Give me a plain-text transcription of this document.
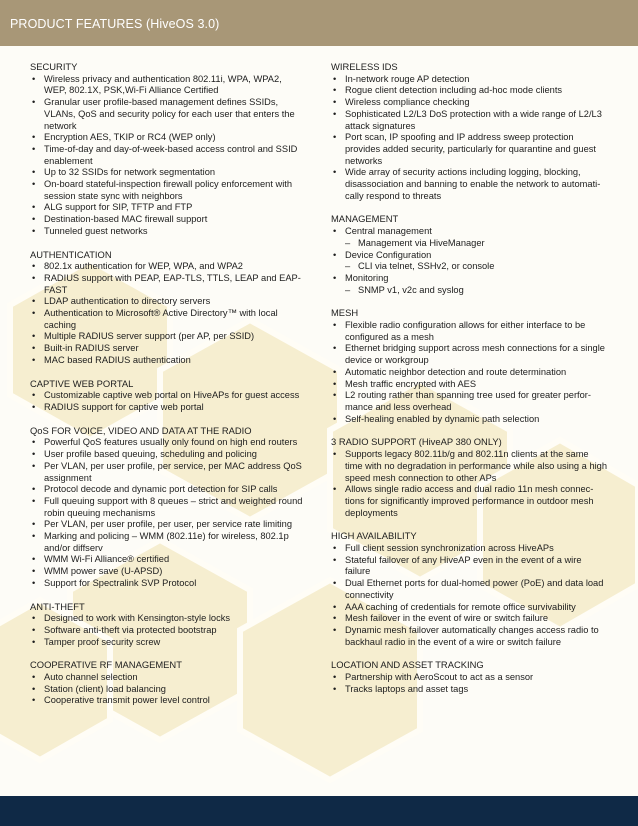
PRODUCT FEATURES (HiveOS 3.0)
SECURITY
• Wireless privacy and authentication 802.11i, WPA, WPA2, WEP, 802.1X, PSK,Wi-Fi Alliance Certified
• Granular user profile-based management defines SSIDs, VLANs, QoS and security policy for each user that enters the network
• Encryption AES, TKIP or RC4 (WEP only)
• Time-of-day and day-of-week-based access control and SSID enablement
• Up to 32 SSIDs for network segmentation
• On-board stateful-inspection firewall policy enforcement with session state sync with neighbors
• ALG support for SIP, TFTP and FTP
• Destination-based MAC firewall support
• Tunneled guest networks
AUTHENTICATION
• 802.1x authentication for WEP, WPA, and WPA2
• RADIUS support with PEAP, EAP-TLS, TTLS, LEAP and EAP-FAST
• LDAP authentication to directory servers
• Authentication to Microsoft® Active Directory™ with local caching
• Multiple RADIUS server support (per AP, per SSID)
• Built-in RADIUS server
• MAC based RADIUS authentication
CAPTIVE WEB PORTAL
• Customizable captive web portal on HiveAPs for guest access
• RADIUS support for captive web portal
QoS FOR VOICE, VIDEO AND DATA AT THE RADIO
• Powerful QoS features usually only found on high end routers
• User profile based queuing, scheduling and policing
• Per VLAN, per user profile, per service, per MAC address QoS assignment
• Protocol decode and dynamic port detection for SIP calls
• Full queuing support with 8 queues – strict and weighted round robin queuing mechanisms
• Per VLAN, per user profile, per user, per service rate limiting
• Marking and policing – WMM (802.11e) for wireless, 802.1p and/or diffserv
• WMM Wi-Fi Alliance® certified
• WMM power save (U-APSD)
• Support for Spectralink SVP Protocol
ANTI-THEFT
• Designed to work with Kensington-style locks
• Software anti-theft via protected bootstrap
• Tamper proof security screw
COOPERATIVE RF MANAGEMENT
• Auto channel selection
• Station (client) load balancing
• Cooperative transmit power level control
WIRELESS IDS
• In-network rouge AP detection
• Rogue client detection including ad-hoc mode clients
• Wireless compliance checking
• Sophisticated L2/L3 DoS protection with a wide range of L2/L3 attack signatures
• Port scan, IP spoofing and IP address sweep protection provides added security, particularly for quarantine and guest networks
• Wide array of security actions including logging, blocking, disassociation and banning to enable the network to automati-cally respond to threats
MANAGEMENT
• Central management
– Management via HiveManager
• Device Configuration
– CLI via telnet, SSHv2, or console
• Monitoring
– SNMP v1, v2c and syslog
MESH
• Flexible radio configuration allows for either interface to be configured as a mesh
• Ethernet bridging support across mesh connections for a single device or workgroup
• Automatic neighbor detection and route determination
• Mesh traffic encrypted with AES
• L2 routing rather than spanning tree used for greater perfor-mance and less overhead
• Self-healing enabled by dynamic path selection
3 RADIO SUPPORT (HiveAP 380 ONLY)
• Supports legacy 802.11b/g and 802.11n clients at the same time with no degradation in performance while also using a high speed mesh connection to other APs
• Allows single radio access and dual radio 11n mesh connec-tions for significantly improved performance in outdoor mesh deployments
HIGH AVAILABILITY
• Full client session synchronization across HiveAPs
• Stateful failover of any HiveAP even in the event of a wire failure
• Dual Ethernet ports for dual-homed power (PoE) and data load connectivity
• AAA caching of credentials for remote office survivability
• Mesh failover in the event of wire or switch failure
• Dynamic mesh failover automatically changes access radio to backhaul radio in the event of a wire or switch failure
LOCATION AND ASSET TRACKING
• Partnership with AeroScout to act as a sensor
• Tracks laptops and asset tags
